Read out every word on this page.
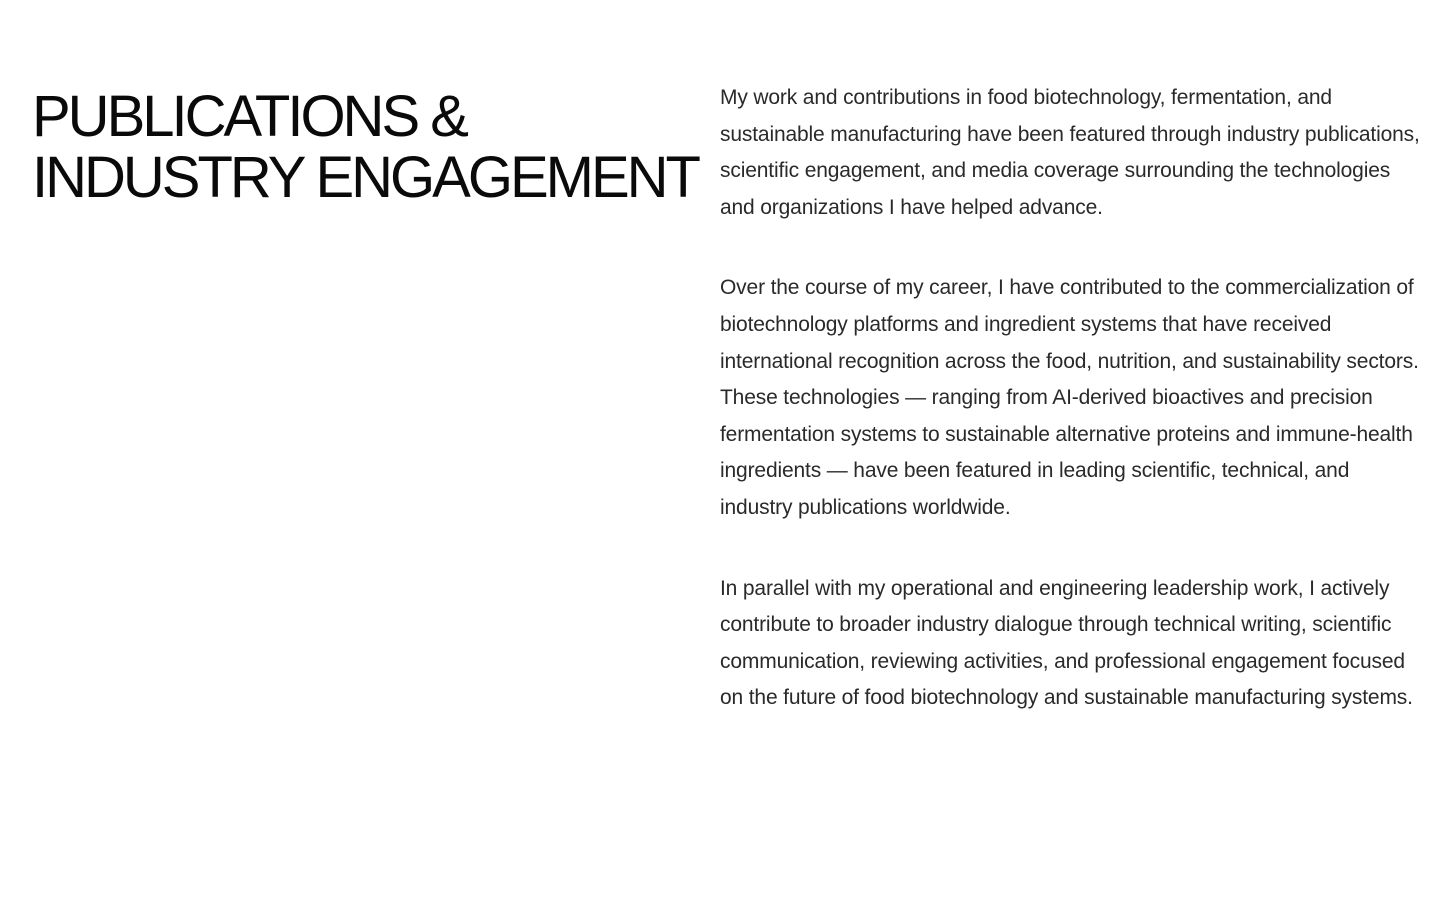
PUBLICATIONS &
INDUSTRY ENGAGEMENT

My work and contributions in food biotechnology, fermentation, and sustainable manufacturing have been featured through industry publications, scientific engagement, and media coverage surrounding the technologies and organizations I have helped advance.

Over the course of my career, I have contributed to the commercialization of biotechnology platforms and ingredient systems that have received international recognition across the food, nutrition, and sustainability sectors. These technologies — ranging from AI-derived bioactives and precision fermentation systems to sustainable alternative proteins and immune-health ingredients — have been featured in leading scientific, technical, and industry publications worldwide.

In parallel with my operational and engineering leadership work, I actively contribute to broader industry dialogue through technical writing, scientific communication, reviewing activities, and professional engagement focused on the future of food biotechnology and sustainable manufacturing systems.
